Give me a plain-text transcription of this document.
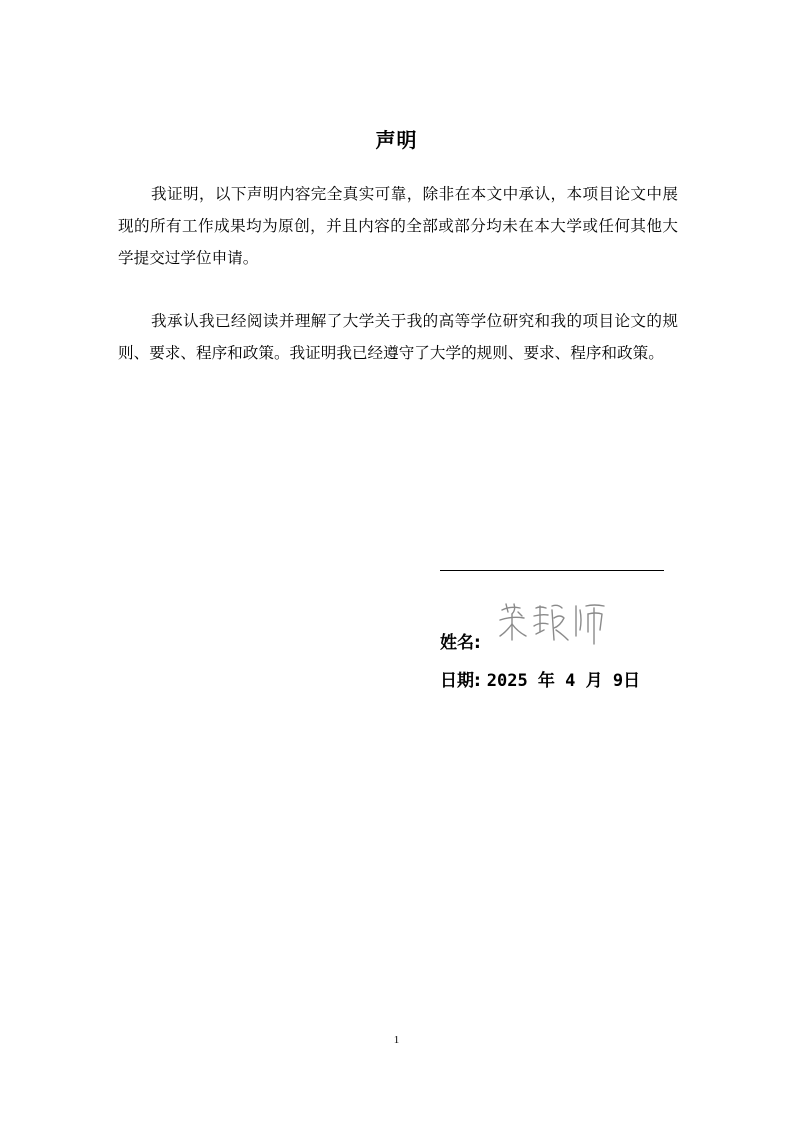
声明

我证明，以下声明内容完全真实可靠，除非在本文中承认，本项目论文中展现的所有工作成果均为原创，并且内容的全部或部分均未在本大学或任何其他大学提交过学位申请。

我承认我已经阅读并理解了大学关于我的高等学位研究和我的项目论文的规则、要求、程序和政策。我证明我已经遵守了大学的规则、要求、程序和政策。

姓名:
日期: 2025 年 4 月 9日
1
